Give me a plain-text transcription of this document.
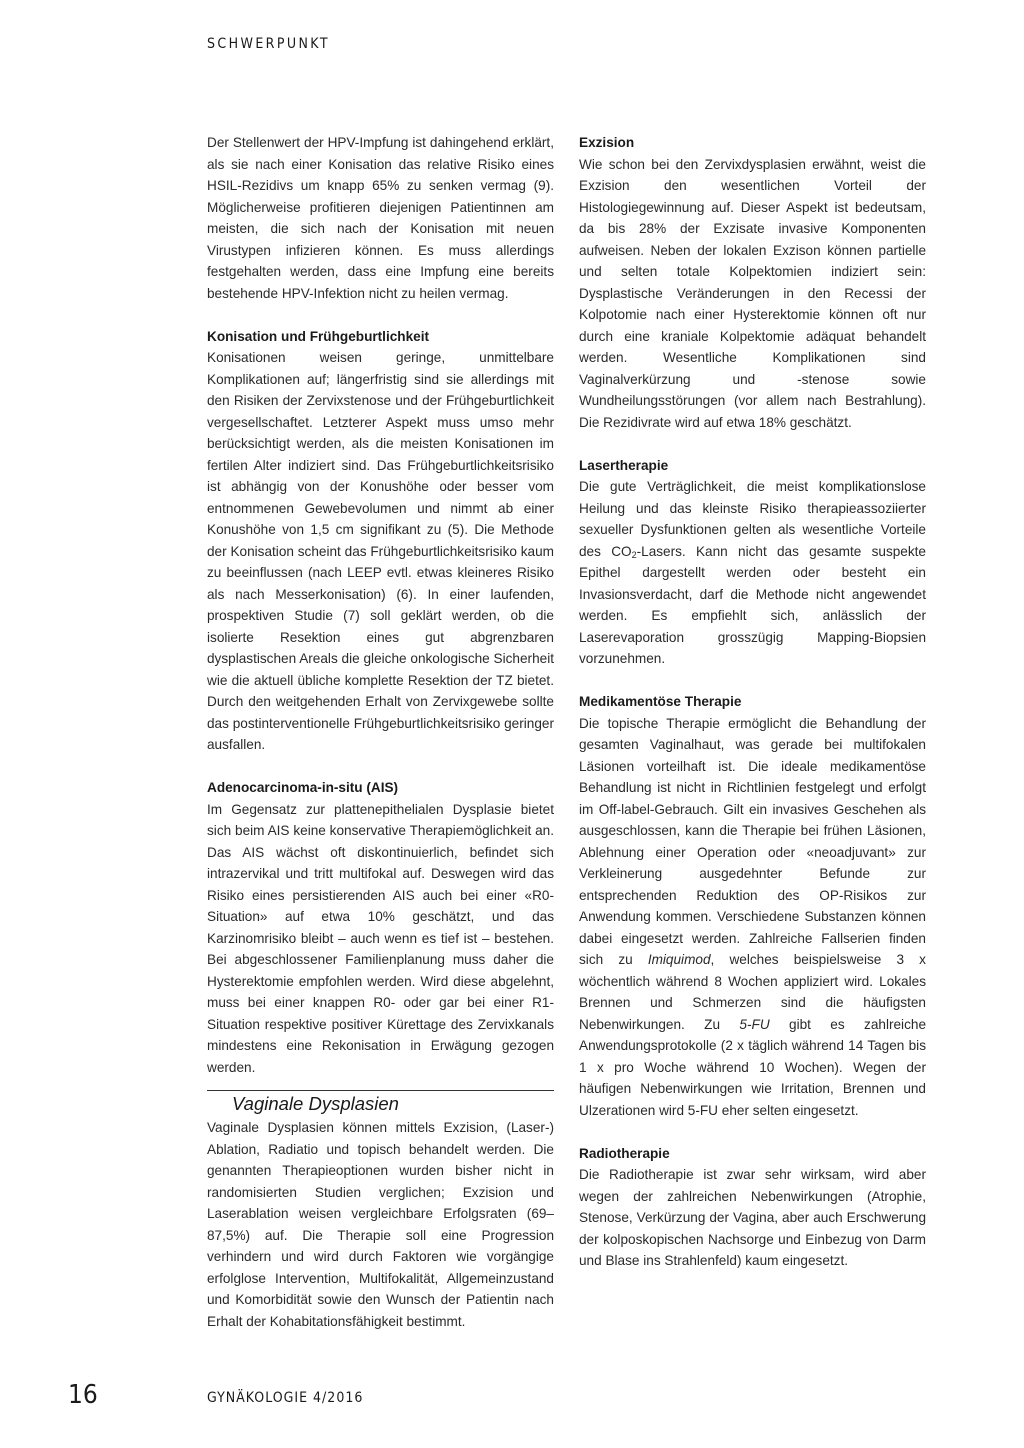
SCHWERPUNKT

Der Stellenwert der HPV-Impfung ist dahingehend erklärt, als sie nach einer Konisation das relative Risiko eines HSIL-Rezidivs um knapp 65% zu senken vermag (9). Möglicherweise profitieren diejenigen Patientinnen am meisten, die sich nach der Konisation mit neuen Virustypen infizieren können. Es muss allerdings festgehalten werden, dass eine Impfung eine bereits bestehende HPV-Infektion nicht zu heilen vermag.

Konisation und Frühgeburtlichkeit

Konisationen weisen geringe, unmittelbare Komplikationen auf; längerfristig sind sie allerdings mit den Risiken der Zervixstenose und der Frühgeburtlichkeit vergesellschaftet. Letzterer Aspekt muss umso mehr berücksichtigt werden, als die meisten Konisationen im fertilen Alter indiziert sind. Das Frühgeburtlichkeitsrisiko ist abhängig von der Konushöhe oder besser vom entnommenen Gewebevolumen und nimmt ab einer Konushöhe von 1,5 cm signifikant zu (5). Die Methode der Konisation scheint das Frühgeburtlichkeitsrisiko kaum zu beeinflussen (nach LEEP evtl. etwas kleineres Risiko als nach Messerkonisation) (6). In einer laufenden, prospektiven Studie (7) soll geklärt werden, ob die isolierte Resektion eines gut abgrenzbaren dysplastischen Areals die gleiche onkologische Sicherheit wie die aktuell übliche komplette Resektion der TZ bietet. Durch den weitgehenden Erhalt von Zervixgewebe sollte das postinterventionelle Frühgeburtlichkeitsrisiko geringer ausfallen.

Adenocarcinoma-in-situ (AIS)

Im Gegensatz zur plattenepithelialen Dysplasie bietet sich beim AIS keine konservative Therapiemöglichkeit an. Das AIS wächst oft diskontinuierlich, befindet sich intrazervikal und tritt multifokal auf. Deswegen wird das Risiko eines persistierenden AIS auch bei einer «R0-Situation» auf etwa 10% geschätzt, und das Karzinomrisiko bleibt – auch wenn es tief ist – bestehen. Bei abgeschlossener Familienplanung muss daher die Hysterektomie empfohlen werden. Wird diese abgelehnt, muss bei einer knappen R0- oder gar bei einer R1-Situation respektive positiver Kürettage des Zervixkanals mindestens eine Rekonisation in Erwägung gezogen werden.

Vaginale Dysplasien

Vaginale Dysplasien können mittels Exzision, (Laser-) Ablation, Radiatio und topisch behandelt werden. Die genannten Therapieoptionen wurden bisher nicht in randomisierten Studien verglichen; Exzision und Laserablation weisen vergleichbare Erfolgsraten (69–87,5%) auf. Die Therapie soll eine Progression verhindern und wird durch Faktoren wie vorgängige erfolglose Intervention, Multifokalität, Allgemeinzustand und Komorbidität sowie den Wunsch der Patientin nach Erhalt der Kohabitationsfähigkeit bestimmt.

Exzision

Wie schon bei den Zervixdysplasien erwähnt, weist die Exzision den wesentlichen Vorteil der Histologiegewinnung auf. Dieser Aspekt ist bedeutsam, da bis 28% der Exzisate invasive Komponenten aufweisen. Neben der lokalen Exzison können partielle und selten totale Kolpektomien indiziert sein: Dysplastische Veränderungen in den Recessi der Kolpotomie nach einer Hysterektomie können oft nur durch eine kraniale Kolpektomie adäquat behandelt werden. Wesentliche Komplikationen sind Vaginalverkürzung und -stenose sowie Wundheilungsstörungen (vor allem nach Bestrahlung). Die Rezidivrate wird auf etwa 18% geschätzt.

Lasertherapie

Die gute Verträglichkeit, die meist komplikationslose Heilung und das kleinste Risiko therapieassoziierter sexueller Dysfunktionen gelten als wesentliche Vorteile des $CO_2$-Lasers. Kann nicht das gesamte suspekte Epithel dargestellt werden oder besteht ein Invasionsverdacht, darf die Methode nicht angewendet werden. Es empfiehlt sich, anlässlich der Laserevaporation grosszügig Mapping-Biopsien vorzunehmen.

Medikamentöse Therapie

Die topische Therapie ermöglicht die Behandlung der gesamten Vaginalhaut, was gerade bei multifokalen Läsionen vorteilhaft ist. Die ideale medikamentöse Behandlung ist nicht in Richtlinien festgelegt und erfolgt im Off-label-Gebrauch. Gilt ein invasives Geschehen als ausgeschlossen, kann die Therapie bei frühen Läsionen, Ablehnung einer Operation oder «neoadjuvant» zur Verkleinerung ausgedehnter Befunde zur entsprechenden Reduktion des OP-Risikos zur Anwendung kommen. Verschiedene Substanzen können dabei eingesetzt werden. Zahlreiche Fallserien finden sich zu Imiquimod, welches beispielsweise 3 x wöchentlich während 8 Wochen appliziert wird. Lokales Brennen und Schmerzen sind die häufigsten Nebenwirkungen. Zu 5-FU gibt es zahlreiche Anwendungsprotokolle (2 x täglich während 14 Tagen bis 1 x pro Woche während 10 Wochen). Wegen der häufigen Nebenwirkungen wie Irritation, Brennen und Ulzerationen wird 5-FU eher selten eingesetzt.

Radiotherapie

Die Radiotherapie ist zwar sehr wirksam, wird aber wegen der zahlreichen Nebenwirkungen (Atrophie, Stenose, Verkürzung der Vagina, aber auch Erschwerung der kolposkopischen Nachsorge und Einbezug von Darm und Blase ins Strahlenfeld) kaum eingesetzt.

16	GYNÄKOLOGIE 4/2016
